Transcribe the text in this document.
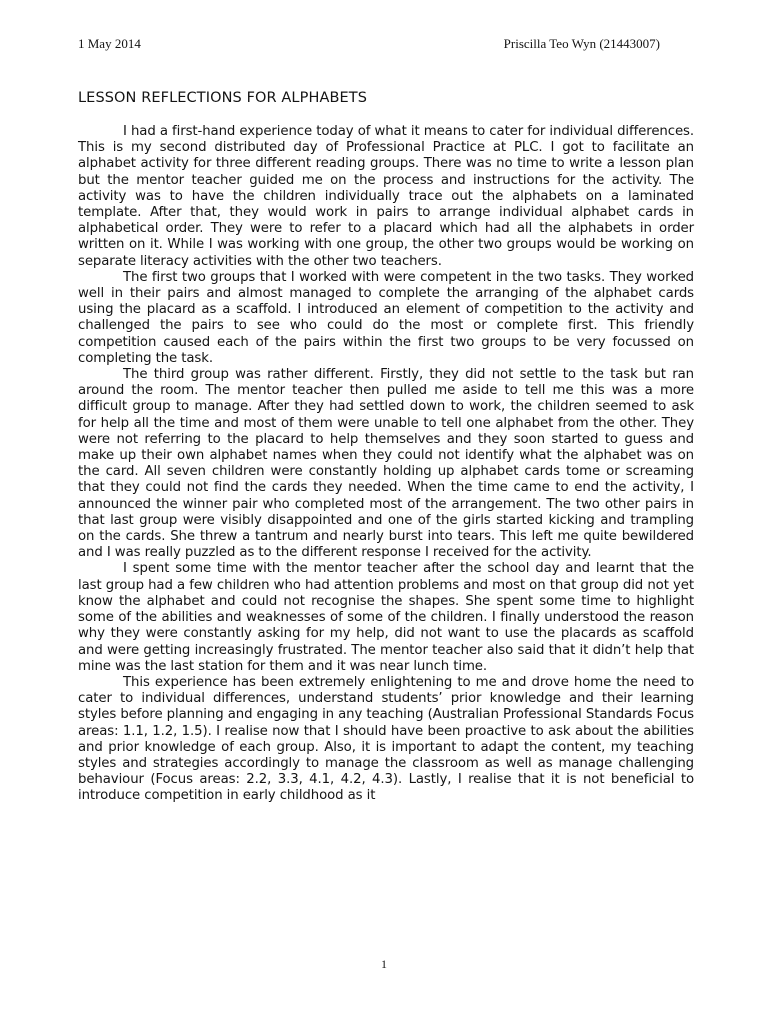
1 May 2014	Priscilla Teo Wyn (21443007)
LESSON REFLECTIONS FOR ALPHABETS

I had a first-hand experience today of what it means to cater for individual differences. This is my second distributed day of Professional Practice at PLC. I got to facilitate an alphabet activity for three different reading groups. There was no time to write a lesson plan but the mentor teacher guided me on the process and instructions for the activity. The activity was to have the children individually trace out the alphabets on a laminated template. After that, they would work in pairs to arrange individual alphabet cards in alphabetical order. They were to refer to a placard which had all the alphabets in order written on it. While I was working with one group, the other two groups would be working on separate literacy activities with the other two teachers.

The first two groups that I worked with were competent in the two tasks. They worked well in their pairs and almost managed to complete the arranging of the alphabet cards using the placard as a scaffold. I introduced an element of competition to the activity and challenged the pairs to see who could do the most or complete first. This friendly competition caused each of the pairs within the first two groups to be very focussed on completing the task.

The third group was rather different. Firstly, they did not settle to the task but ran around the room. The mentor teacher then pulled me aside to tell me this was a more difficult group to manage. After they had settled down to work, the children seemed to ask for help all the time and most of them were unable to tell one alphabet from the other. They were not referring to the placard to help themselves and they soon started to guess and make up their own alphabet names when they could not identify what the alphabet was on the card. All seven children were constantly holding up alphabet cards tome or screaming that they could not find the cards they needed. When the time came to end the activity, I announced the winner pair who completed most of the arrangement. The two other pairs in that last group were visibly disappointed and one of the girls started kicking and trampling on the cards. She threw a tantrum and nearly burst into tears. This left me quite bewildered and I was really puzzled as to the different response I received for the activity.

I spent some time with the mentor teacher after the school day and learnt that the last group had a few children who had attention problems and most on that group did not yet know the alphabet and could not recognise the shapes. She spent some time to highlight some of the abilities and weaknesses of some of the children. I finally understood the reason why they were constantly asking for my help, did not want to use the placards as scaffold and were getting increasingly frustrated. The mentor teacher also said that it didn’t help that mine was the last station for them and it was near lunch time.

This experience has been extremely enlightening to me and drove home the need to cater to individual differences, understand students’ prior knowledge and their learning styles before planning and engaging in any teaching (Australian Professional Standards Focus areas: 1.1, 1.2, 1.5). I realise now that I should have been proactive to ask about the abilities and prior knowledge of each group. Also, it is important to adapt the content, my teaching styles and strategies accordingly to manage the classroom as well as manage challenging behaviour (Focus areas: 2.2, 3.3, 4.1, 4.2, 4.3). Lastly, I realise that it is not beneficial to introduce competition in early childhood as it

1
